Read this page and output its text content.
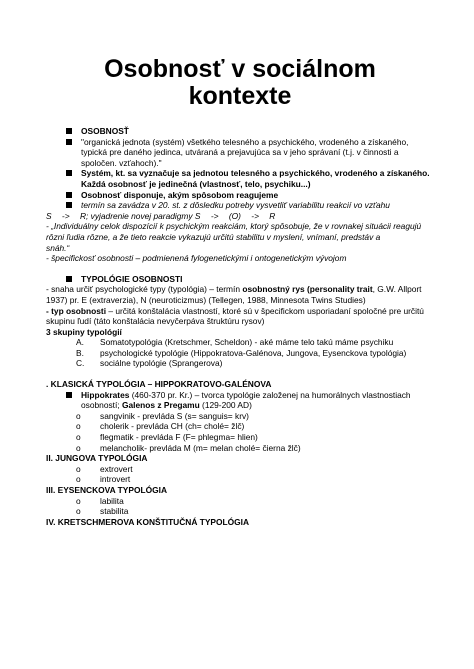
Osobnosť v sociálnom
kontexte
OSOBNOSŤ
"organická jednota (systém) všetkého telesného a psychického, vrodeného a získaného,
typická pre daného jedinca, utváraná a prejavujúca sa v jeho správaní (t.j. v činnosti a
spoločen. vzťahoch)."
Systém, kt. sa vyznačuje sa jednotou telesného a psychického, vrodeného a získaného.
Každá osobnosť je jedinečná (vlastnosť, telo, psychiku...)
Osobnosť disponuje, akým spôsobom reagujeme
termín sa zavádza v 20. st. z dôsledku potreby vysvetliť variabilitu reakcií vo vzťahu
S -> R; vyjadrenie novej paradigmy S -> (O) -> R
- „Individuálny celok dispozícií k psychickým reakciám, ktorý spôsobuje, že v rovnakej situácii reagujú
rôzni ľudia rôzne, a že tieto reakcie vykazujú určitú stabilitu v myslení, vnímaní, predstáv a
snáh.“
- špecifickosť osobnosti – podmienená fylogenetickými i ontogenetickým vývojom
TYPOLÓGIE OSOBNOSTI
- snaha určiť psychologické typy (typológia) – termín osobnostný rys (personality trait, G.W. Allport
1937) pr. E (extraverzia), N (neuroticizmus) (Tellegen, 1988, Minnesota Twins Studies)
- typ osobnosti – určitá konštalácia vlastností, ktoré sú v špecifickom usporiadaní spoločné pre určitú
skupinu ľudí (táto konštalácia nevyčerpáva štruktúru rysov)
3 skupiny typológií
A.	Somatotypológia (Kretschmer, Scheldon) - aké máme telo takú máme psychiku
B.	psychologické typológie (Hippokratova-Galénova, Jungova, Eysenckova typológia)
C.	sociálne typológie (Sprangerova)
. KLASICKÁ TYPOLÓGIA – HIPPOKRATOVO-GALÉNOVA
Hippokrates (460-370 pr. Kr.) – tvorca typológie založenej na humorálnych vlastnostiach
osobností; Galenos z Pregamu (129-200 AD)
o	sangvinik - prevláda S (s= sanguis= krv)
o	cholerik - prevláda CH (ch= cholé= žlč)
o	flegmatik - prevláda F (F= phlegma= hlien)
o	melancholik- prevláda M (m= melan cholé= čierna žlč)
II. JUNGOVA TYPOLÓGIA
o	extrovert
o	introvert
III. EYSENCKOVA TYPOLÓGIA
o	labilita
o	stabilita
IV. KRETSCHMEROVA KONŠTITUČNÁ TYPOLÓGIA
